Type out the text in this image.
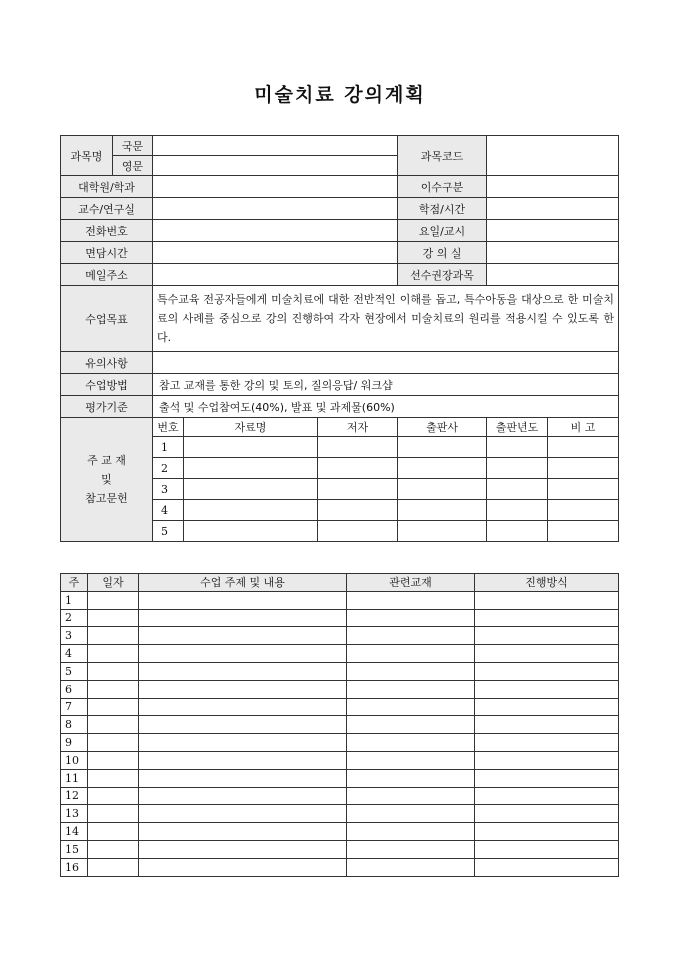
미술치료 강의계획
과목명	국문				과목코드		
	영문						
대학원/학과					이수구분		
교수/연구실					학점/시간		
전화번호					요일/교시		
면담시간					강 의 실		
메일주소					선수권장과목		
수업목표		특수교육 전공자들에게 미술치료에 대한 전반적인 이해를 돕고, 특수아동을 대상으로 한 미술치료의 사례를 중심으로 강의 진행하여 각자 현장에서 미술치료의 원리를 적용시킬 수 있도록 한다.					
유의사항							
수업방법		참고 교재를 통한 강의 및 토의, 질의응답/ 워크샵					
평가기준		출석 및 수업참여도(40%), 발표 및 과제물(60%)					

주 교 재
및
참고문헌		번호	자료명	저자	출판사	출판년도	비 고
		1					
		2					
		3					
		4					
		5					
주	일자	수업 주제 및 내용	관련교재	진행방식
1				
2				
3				
4				
5				
6				
7				
8				
9				
10				
11				
12				
13				
14				
15				
16				
